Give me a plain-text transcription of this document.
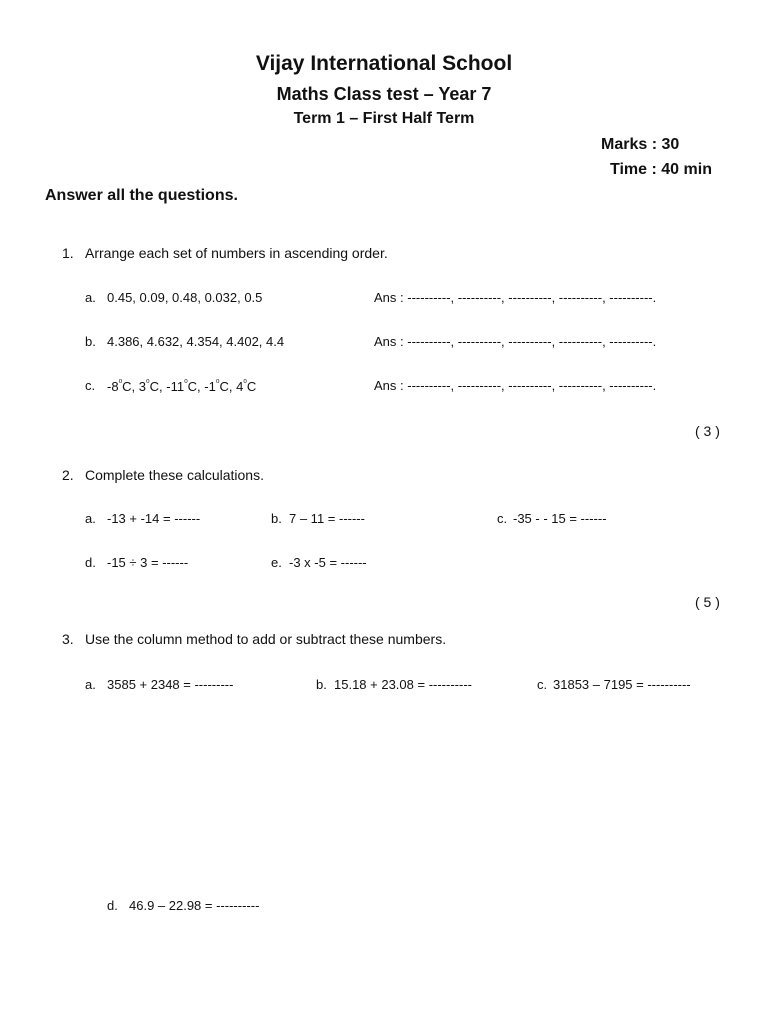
Vijay International School
Maths Class test – Year 7
Term 1 – First Half Term
Marks : 30
Time : 40 min
Answer all the questions.
1. Arrange each set of numbers in ascending order.
a. 0.45, 0.09, 0.48, 0.032, 0.5	Ans : ----------, ----------, ----------, ----------, ----------.
b. 4.386, 4.632, 4.354, 4.402, 4.4	Ans : ----------, ----------, ----------, ----------, ----------.
c. $-8^{^0}C$, $3^{^0}C$, $-11^{^0}C$, $-1^{^0}C$, $4^{^0}C$	Ans : ----------, ----------, ----------, ----------, ----------.
( 3 )
2. Complete these calculations.
a. -13 + -14 = ------	b. 7 – 11 = ------	c. -35 - - 15 = ------
d. -15 ÷ 3 = ------	e. -3 x -5 = ------
( 5 )
3. Use the column method to add or subtract these numbers.
a. 3585 + 2348 = ---------	b. 15.18 + 23.08 = ----------	c. 31853 – 7195 = ----------
d. 46.9 – 22.98 = ----------
